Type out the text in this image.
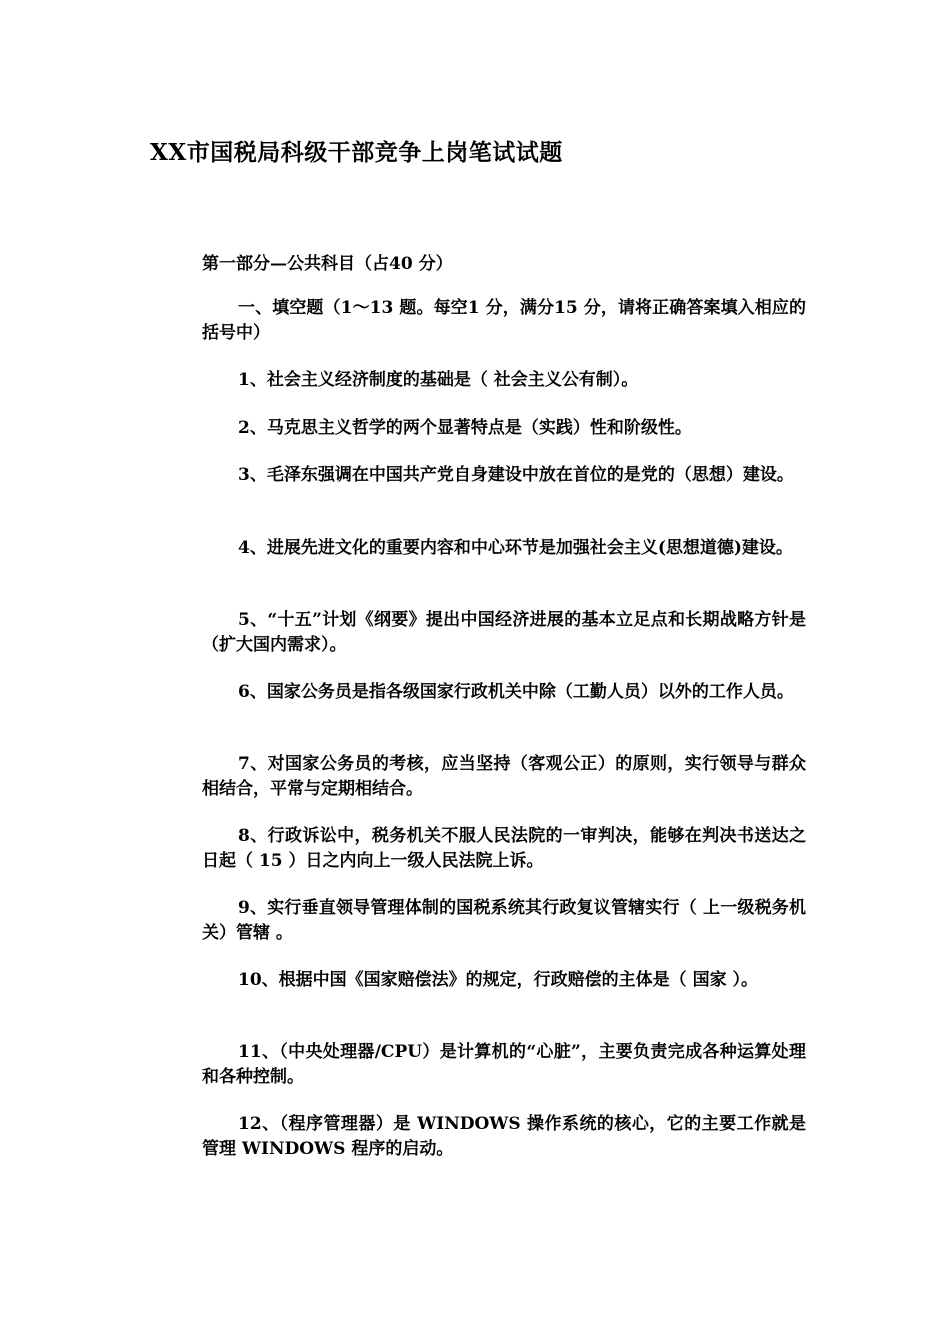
XX市国税局科级干部竞争上岗笔试试题

第一部分—公共科目（占40 分）

一、填空题（1～13 题。每空1 分，满分15 分，请将正确答案填入相应的括号中）

1、社会主义经济制度的基础是（ 社会主义公有制）。

2、马克思主义哲学的两个显著特点是（实践）性和阶级性。

3、毛泽东强调在中国共产党自身建设中放在首位的是党的（思想）建设。

4、进展先进文化的重要内容和中心环节是加强社会主义(思想道德)建设。

5、“十五”计划《纲要》提出中国经济进展的基本立足点和长期战略方针是（扩大国内需求）。

6、国家公务员是指各级国家行政机关中除（工勤人员）以外的工作人员。

7、对国家公务员的考核，应当坚持（客观公正）的原则，实行领导与群众相结合，平常与定期相结合。

8、行政诉讼中，税务机关不服人民法院的一审判决，能够在判决书送达之日起（ 15 ）日之内向上一级人民法院上诉。

9、实行垂直领导管理体制的国税系统其行政复议管辖实行（ 上一级税务机关）管辖 。

10、根据中国《国家赔偿法》的规定，行政赔偿的主体是（ 国家 ）。

11、（中央处理器/CPU）是计算机的“心脏”，主要负责完成各种运算处理和各种控制。

12、（程序管理器）是 WINDOWS 操作系统的核心，它的主要工作就是管理 WINDOWS 程序的启动。
